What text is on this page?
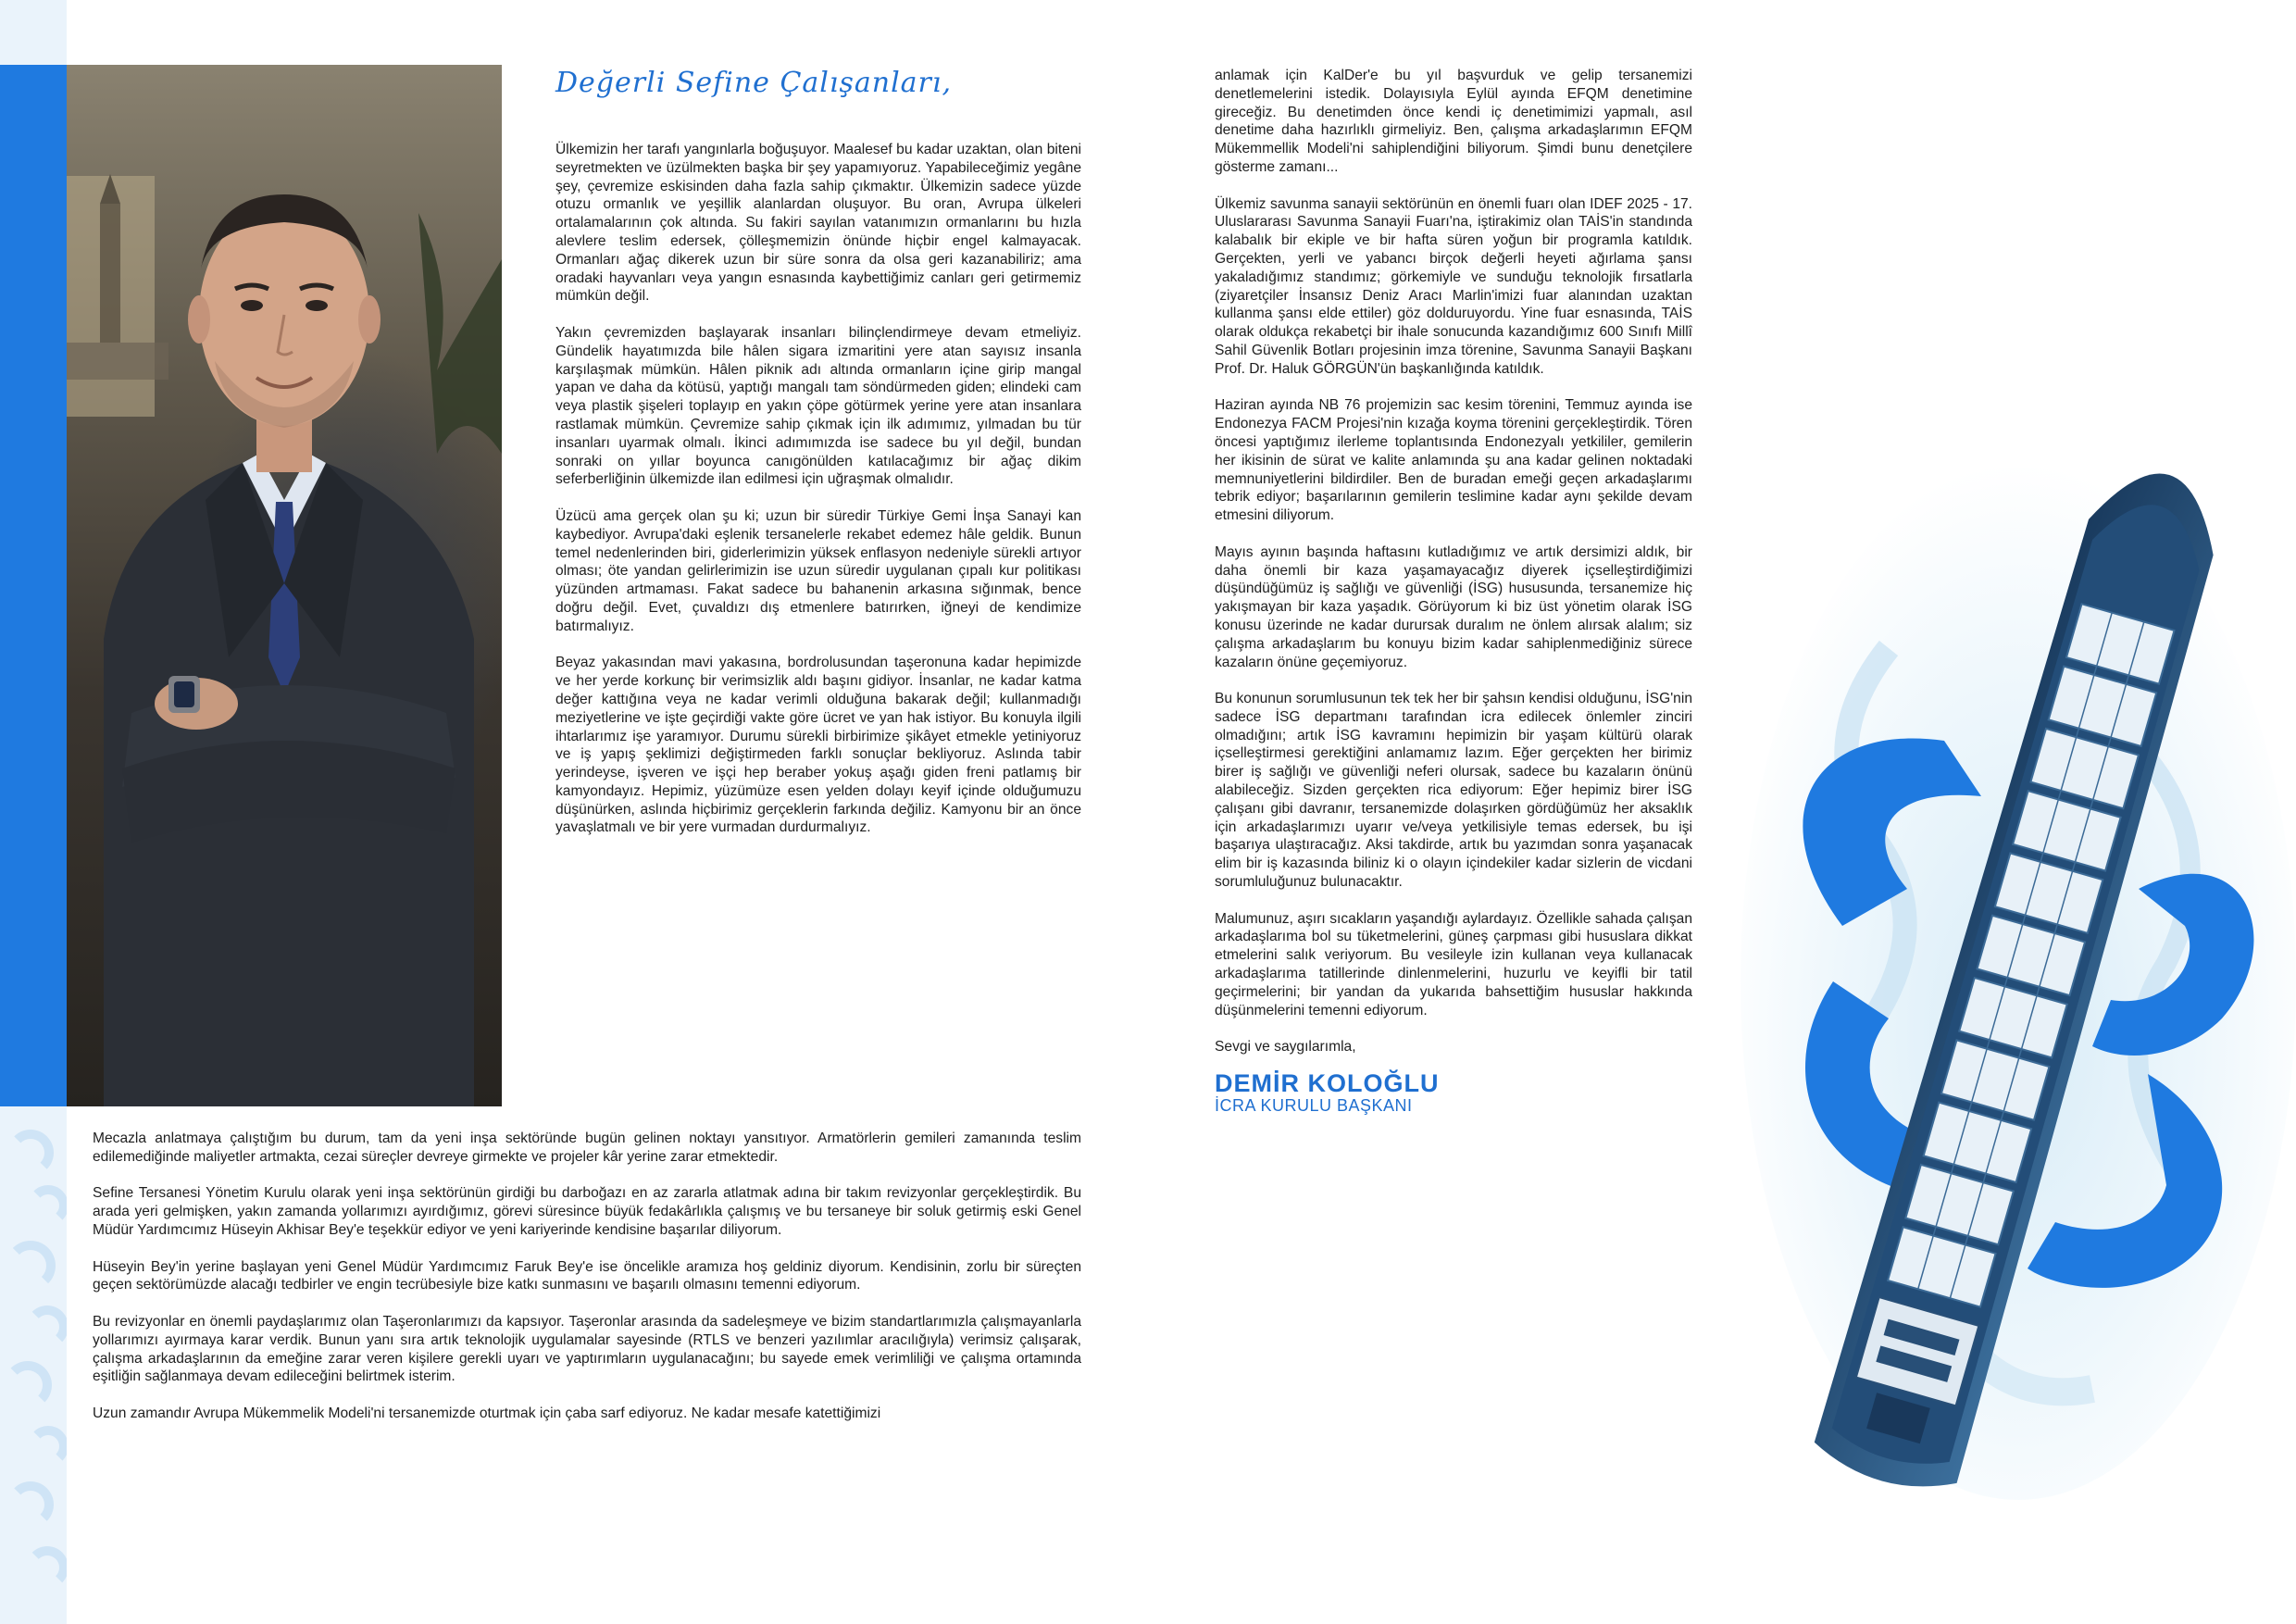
Değerli Sefine Çalışanları,

Ülkemizin her tarafı yangınlarla boğuşuyor. Maalesef bu kadar uzaktan, olan biteni seyretmekten ve üzülmekten başka bir şey yapamıyoruz. Yapabileceğimiz yegâne şey, çevremize eskisinden daha fazla sahip çıkmaktır. Ülkemizin sadece yüzde otuzu ormanlık ve yeşillik alanlardan oluşuyor. Bu oran, Avrupa ülkeleri ortalamalarının çok altında. Su fakiri sayılan vatanımızın ormanlarını bu hızla alevlere teslim edersek, çölleşmemizin önünde hiçbir engel kalmayacak. Ormanları ağaç dikerek uzun bir süre sonra da olsa geri kazanabiliriz; ama oradaki hayvanları veya yangın esnasında kaybettiğimiz canları geri getirmemiz mümkün değil.

Yakın çevremizden başlayarak insanları bilinçlendirmeye devam etmeliyiz. Gündelik hayatımızda bile hâlen sigara izmaritini yere atan sayısız insanla karşılaşmak mümkün. Hâlen piknik adı altında ormanların içine girip mangal yapan ve daha da kötüsü, yaptığı mangalı tam söndürmeden giden; elindeki cam veya plastik şişeleri toplayıp en yakın çöpe götürmek yerine yere atan insanlara rastlamak mümkün. Çevremize sahip çıkmak için ilk adımımız, yılmadan bu tür insanları uyarmak olmalı. İkinci adımımızda ise sadece bu yıl değil, bundan sonraki on yıllar boyunca canıgönülden katılacağımız bir ağaç dikim seferberliğinin ülkemizde ilan edilmesi için uğraşmak olmalıdır.

Üzücü ama gerçek olan şu ki; uzun bir süredir Türkiye Gemi İnşa Sanayi kan kaybediyor. Avrupa'daki eşlenik tersanelerle rekabet edemez hâle geldik. Bunun temel nedenlerinden biri, giderlerimizin yüksek enflasyon nedeniyle sürekli artıyor olması; öte yandan gelirlerimizin ise uzun süredir uygulanan çıpalı kur politikası yüzünden artmaması. Fakat sadece bu bahanenin arkasına sığınmak, bence doğru değil. Evet, çuvaldızı dış etmenlere batırırken, iğneyi de kendimize batırmalıyız.

Beyaz yakasından mavi yakasına, bordrolusundan taşeronuna kadar hepimizde ve her yerde korkunç bir verimsizlik aldı başını gidiyor. İnsanlar, ne kadar katma değer kattığına veya ne kadar verimli olduğuna bakarak değil; kullanmadığı meziyetlerine ve işte geçirdiği vakte göre ücret ve yan hak istiyor. Bu konuyla ilgili ihtarlarımız işe yaramıyor. Durumu sürekli birbirimize şikâyet etmekle yetiniyoruz ve iş yapış şeklimizi değiştirmeden farklı sonuçlar bekliyoruz. Aslında tabir yerindeyse, işveren ve işçi hep beraber yokuş aşağı giden freni patlamış bir kamyondayız. Hepimiz, yüzümüze esen yelden dolayı keyif içinde olduğumuzu düşünürken, aslında hiçbirimiz gerçeklerin farkında değiliz. Kamyonu bir an önce yavaşlatmalı ve bir yere vurmadan durdurmalıyız.

Mecazla anlatmaya çalıştığım bu durum, tam da yeni inşa sektöründe bugün gelinen noktayı yansıtıyor. Armatörlerin gemileri zamanında teslim edilemediğinde maliyetler artmakta, cezai süreçler devreye girmekte ve projeler kâr yerine zarar etmektedir.

Sefine Tersanesi Yönetim Kurulu olarak yeni inşa sektörünün girdiği bu darboğazı en az zararla atlatmak adına bir takım revizyonlar gerçekleştirdik. Bu arada yeri gelmişken, yakın zamanda yollarımızı ayırdığımız, görevi süresince büyük fedakârlıkla çalışmış ve bu tersaneye bir soluk getirmiş eski Genel Müdür Yardımcımız Hüseyin Akhisar Bey'e teşekkür ediyor ve yeni kariyerinde kendisine başarılar diliyorum.

Hüseyin Bey'in yerine başlayan yeni Genel Müdür Yardımcımız Faruk Bey'e ise öncelikle aramıza hoş geldiniz diyorum. Kendisinin, zorlu bir süreçten geçen sektörümüzde alacağı tedbirler ve engin tecrübesiyle bize katkı sunmasını ve başarılı olmasını temenni ediyorum.

Bu revizyonlar en önemli paydaşlarımız olan Taşeronlarımızı da kapsıyor. Taşeronlar arasında da sadeleşmeye ve bizim standartlarımızla çalışmayanlarla yollarımızı ayırmaya karar verdik. Bunun yanı sıra artık teknolojik uygulamalar sayesinde (RTLS ve benzeri yazılımlar aracılığıyla) verimsiz çalışarak, çalışma arkadaşlarının da emeğine zarar veren kişilere gerekli uyarı ve yaptırımların uygulanacağını; bu sayede emek verimliliği ve çalışma ortamında eşitliğin sağlanmaya devam edileceğini belirtmek isterim.

Uzun zamandır Avrupa Mükemmelik Modeli'ni tersanemizde oturtmak için çaba sarf ediyoruz. Ne kadar mesafe katettiğimizi

anlamak için KalDer'e bu yıl başvurduk ve gelip tersanemizi denetlemelerini istedik. Dolayısıyla Eylül ayında EFQM denetimine gireceğiz. Bu denetimden önce kendi iç denetimimizi yapmalı, asıl denetime daha hazırlıklı girmeliyiz. Ben, çalışma arkadaşlarımın EFQM Mükemmellik Modeli'ni sahiplendiğini biliyorum. Şimdi bunu denetçilere gösterme zamanı...

Ülkemiz savunma sanayii sektörünün en önemli fuarı olan IDEF 2025 - 17. Uluslararası Savunma Sanayii Fuarı'na, iştirakimiz olan TAİS'in standında kalabalık bir ekiple ve bir hafta süren yoğun bir programla katıldık. Gerçekten, yerli ve yabancı birçok değerli heyeti ağırlama şansı yakaladığımız standımız; görkemiyle ve sunduğu teknolojik fırsatlarla (ziyaretçiler İnsansız Deniz Aracı Marlin'imizi fuar alanından uzaktan kullanma şansı elde ettiler) göz dolduruyordu. Yine fuar esnasında, TAİS olarak oldukça rekabetçi bir ihale sonucunda kazandığımız 600 Sınıfı Millî Sahil Güvenlik Botları projesinin imza törenine, Savunma Sanayii Başkanı Prof. Dr. Haluk GÖRGÜN'ün başkanlığında katıldık.

Haziran ayında NB 76 projemizin sac kesim törenini, Temmuz ayında ise Endonezya FACM Projesi'nin kızağa koyma törenini gerçekleştirdik. Tören öncesi yaptığımız ilerleme toplantısında Endonezyalı yetkililer, gemilerin her ikisinin de sürat ve kalite anlamında şu ana kadar gelinen noktadaki memnuniyetlerini bildirdiler. Ben de buradan emeği geçen arkadaşlarımı tebrik ediyor; başarılarının gemilerin teslimine kadar aynı şekilde devam etmesini diliyorum.

Mayıs ayının başında haftasını kutladığımız ve artık dersimizi aldık, bir daha önemli bir kaza yaşamayacağız diyerek içselleştirdiğimizi düşündüğümüz iş sağlığı ve güvenliği (İSG) hususunda, tersanemize hiç yakışmayan bir kaza yaşadık. Görüyorum ki biz üst yönetim olarak İSG konusu üzerinde ne kadar durursak duralım ne önlem alırsak alalım; siz çalışma arkadaşlarım bu konuyu bizim kadar sahiplenmediğiniz sürece kazaların önüne geçemiyoruz.

Bu konunun sorumlusunun tek tek her bir şahsın kendisi olduğunu, İSG'nin sadece İSG departmanı tarafından icra edilecek önlemler zinciri olmadığını; artık İSG kavramını hepimizin bir yaşam kültürü olarak içselleştirmesi gerektiğini anlamamız lazım. Eğer gerçekten her birimiz birer iş sağlığı ve güvenliği neferi olursak, sadece bu kazaların önünü alabileceğiz. Sizden gerçekten rica ediyorum: Eğer hepimiz birer İSG çalışanı gibi davranır, tersanemizde dolaşırken gördüğümüz her aksaklık için arkadaşlarımızı uyarır ve/veya yetkilisiyle temas edersek, bu işi başarıya ulaştıracağız. Aksi takdirde, artık bu yazımdan sonra yaşanacak elim bir iş kazasında biliniz ki o olayın içindekiler kadar sizlerin de vicdani sorumluluğunuz bulunacaktır.

Malumunuz, aşırı sıcakların yaşandığı aylardayız. Özellikle sahada çalışan arkadaşlarıma bol su tüketmelerini, güneş çarpması gibi hususlara dikkat etmelerini salık veriyorum. Bu vesileyle izin kullanan veya kullanacak arkadaşlarıma tatillerinde dinlenmelerini, huzurlu ve keyifli bir tatil geçirmelerini; bir yandan da yukarıda bahsettiğim hususlar hakkında düşünmelerini temenni ediyorum.

Sevgi ve saygılarımla,

DEMİR KOLOĞLU
İCRA KURULU BAŞKANI
